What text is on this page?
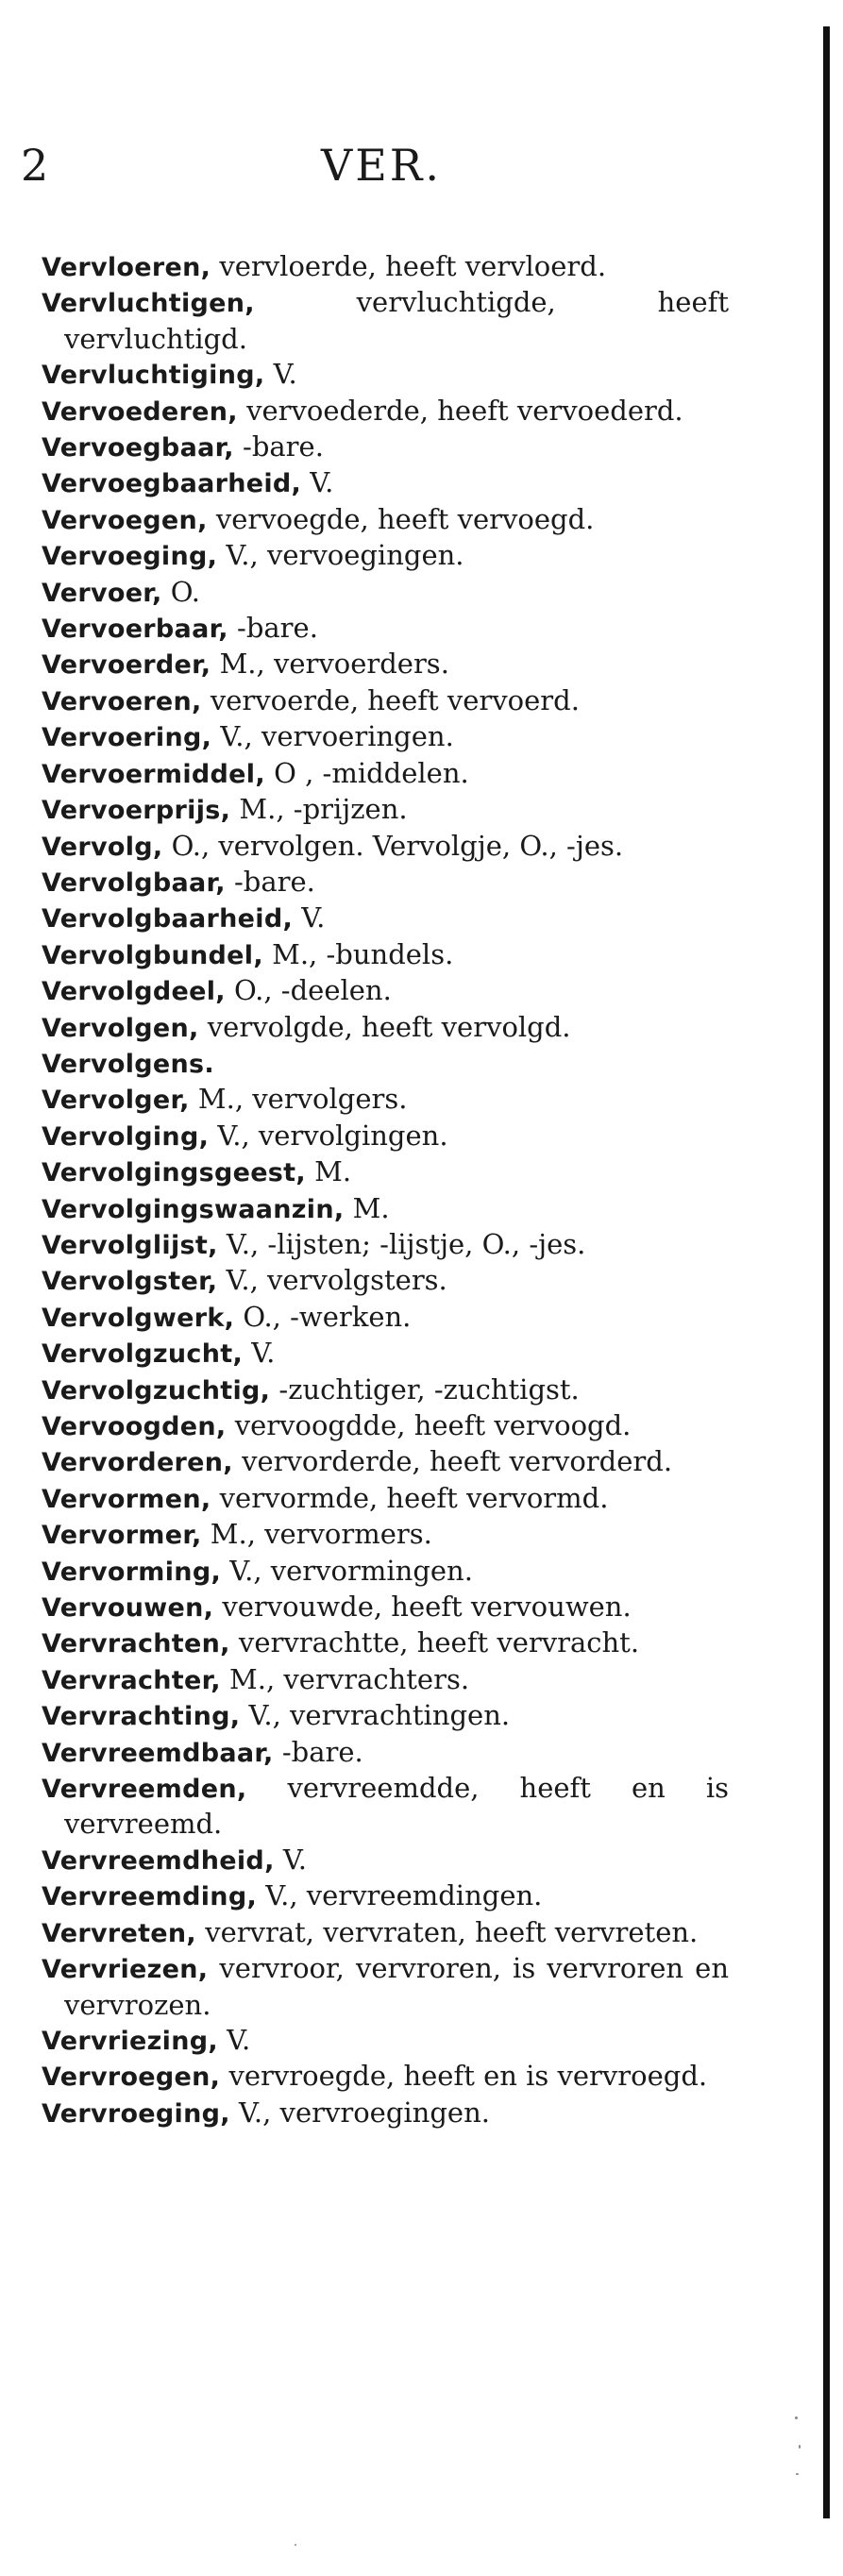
2	VER.
Vervloeren, vervloerde, heeft vervloerd.
Vervluchtigen, vervluchtigde, heeft vervluchtigd.
Vervluchtiging, V.
Vervoederen, vervoederde, heeft vervoederd.
Vervoegbaar, -bare.
Vervoegbaarheid, V.
Vervoegen, vervoegde, heeft vervoegd.
Vervoeging, V., vervoegingen.
Vervoer, O.
Vervoerbaar, -bare.
Vervoerder, M., vervoerders.
Vervoeren, vervoerde, heeft vervoerd.
Vervoering, V., vervoeringen.
Vervoermiddel, O , -middelen.
Vervoerprijs, M., -prijzen.
Vervolg, O., vervolgen. Vervolgje, O., -jes.
Vervolgbaar, -bare.
Vervolgbaarheid, V.
Vervolgbundel, M., -bundels.
Vervolgdeel, O., -deelen.
Vervolgen, vervolgde, heeft vervolgd.
Vervolgens.
Vervolger, M., vervolgers.
Vervolging, V., vervolgingen.
Vervolgingsgeest, M.
Vervolgingswaanzin, M.
Vervolglijst, V., -lijsten; -lijstje, O., -jes.
Vervolgster, V., vervolgsters.
Vervolgwerk, O., -werken.
Vervolgzucht, V.
Vervolgzuchtig, -zuchtiger, -zuchtigst.
Vervoogden, vervoogdde, heeft vervoogd.
Vervorderen, vervorderde, heeft vervorderd.
Vervormen, vervormde, heeft vervormd.
Vervormer, M., vervormers.
Vervorming, V., vervormingen.
Vervouwen, vervouwde, heeft vervouwen.
Vervrachten, vervrachtte, heeft vervracht.
Vervrachter, M., vervrachters.
Vervrachting, V., vervrachtingen.
Vervreemdbaar, -bare.
Vervreemden, vervreemdde, heeft en is vervreemd.
Vervreemdheid, V.
Vervreemding, V., vervreemdingen.
Vervreten, vervrat, vervraten, heeft vervreten.
Vervriezen, vervroor, vervroren, is vervroren en vervrozen.
Vervriezing, V.
Vervroegen, vervroegde, heeft en is vervroegd.
Vervroeging, V., vervroegingen.
